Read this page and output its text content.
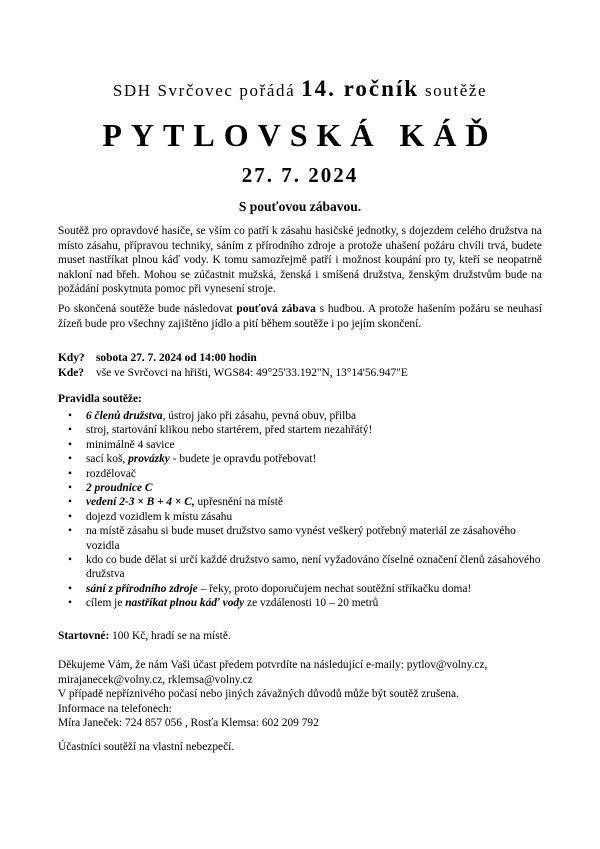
SDH Svrčovec pořádá 14. ročník soutěže
PYTLOVSKÁ KÁĎ
27. 7. 2024
S pouťovou zábavou.
Soutěž pro opravdové hasiče, se vším co patří k zásahu hasičské jednotky, s dojezdem celého družstva na místo zásahu, přípravou techniky, sáním z přírodního zdroje a protože uhašení požáru chvíli trvá, budete muset nastříkat plnou káď vody. K tomu samozřejmě patří i možnost koupání pro ty, kteří se neopatrně nakloní nad břeh. Mohou se zúčastnit mužská, ženská i smíšená družstva, ženským družstvům bude na požádání poskytnuta pomoc při vynesení stroje.
Po skončená soutěže bude následovat pouťová zábava s hudbou. A protože hašením požáru se neuhasí žízeň bude pro všechny zajištěno jídlo a pití během soutěže i po jejím skončení.
Kdy? sobota 27. 7. 2024 od 14:00 hodin
Kde? vše ve Svrčovci na hřišti, WGS84: 49°25'33.192"N, 13°14'56.947"E
Pravidla soutěže:
• 6 členů družstva, ústroj jako při zásahu, pevná obuv, přilba
• stroj, startování klikou nebo startérem, před startem nezahřátý!
• minimálně 4 savice
• sací koš, provázky - budete je opravdu potřebovat!
• rozdělovač
• 2 proudnice C
• vedení 2-3 × B + 4 × C, upřesnění na místě
• dojezd vozidlem k místu zásahu
• na místě zásahu si bude muset družstvo samo vynést veškerý potřebný materiál ze zásahového vozidla
• kdo co bude dělat si určí každé družstvo samo, není vyžadováno číselné označení členů zásahového družstva
• sání z přírodního zdroje – řeky, proto doporučujem nechat soutěžní stříkačku doma!
• cílem je nastříkat plnou káď vody ze vzdálenosti 10 – 20 metrů
Startovné: 100 Kč, hradí se na místě.
Děkujeme Vám, že nám Vaši účast předem potvrdíte na následující e-maily: pytlov@volny.cz,
mirajanecek@volny.cz, rklemsa@volny.cz
V případě nepříznivého počasí nebo jiných závažných důvodů může být soutěž zrušena.
Informace na telefonech:
Míra Janeček: 724 857 056 , Rosťa Klemsa: 602 209 792
Účastníci soutěží na vlastní nebezpečí.
